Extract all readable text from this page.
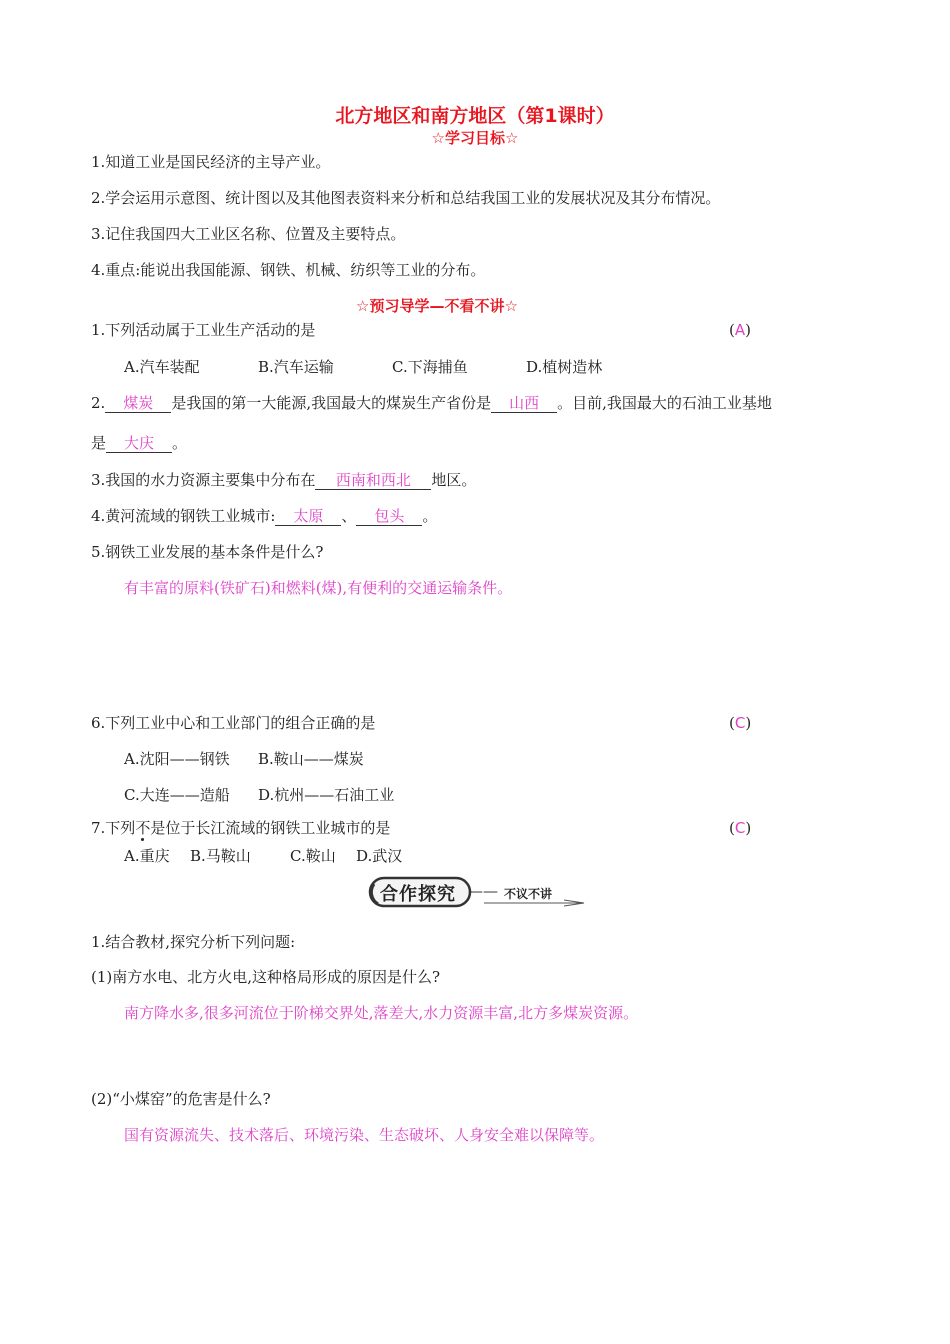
北方地区和南方地区（第1课时）
☆学习目标☆
1.知道工业是国民经济的主导产业。
2.学会运用示意图、统计图以及其他图表资料来分析和总结我国工业的发展状况及其分布情况。
3.记住我国四大工业区名称、位置及主要特点。
4.重点:能说出我国能源、钢铁、机械、纺织等工业的分布。
☆预习导学—不看不讲☆
1.下列活动属于工业生产活动的是	(A)
A.汽车装配	B.汽车运输	C.下海捕鱼	D.植树造林
2. 煤炭 是我国的第一大能源,我国最大的煤炭生产省份是 山西 。目前,我国最大的石油工业基地
是 大庆 。
3.我国的水力资源主要集中分布在 西南和西北 地区。
4.黄河流域的钢铁工业城市: 太原 、 包头 。
5.钢铁工业发展的基本条件是什么?
有丰富的原料(铁矿石)和燃料(煤),有便利的交通运输条件。
6.下列工业中心和工业部门的组合正确的是	(C)
A.沈阳——钢铁 B.鞍山——煤炭
C.大连——造船 D.杭州——石油工业
7.下列不
是位于长江流域的钢铁工业城市的是	(C)
A.重庆 B.马鞍山	C.鞍山 D.武汉
合作探究 —— 不议不讲
1.结合教材,探究分析下列问题:
(1)南方水电、北方火电,这种格局形成的原因是什么?
南方降水多,很多河流位于阶梯交界处,落差大,水力资源丰富,北方多煤炭资源。
(2)“小煤窑”的危害是什么?
国有资源流失、技术落后、环境污染、生态破坏、人身安全难以保障等。
